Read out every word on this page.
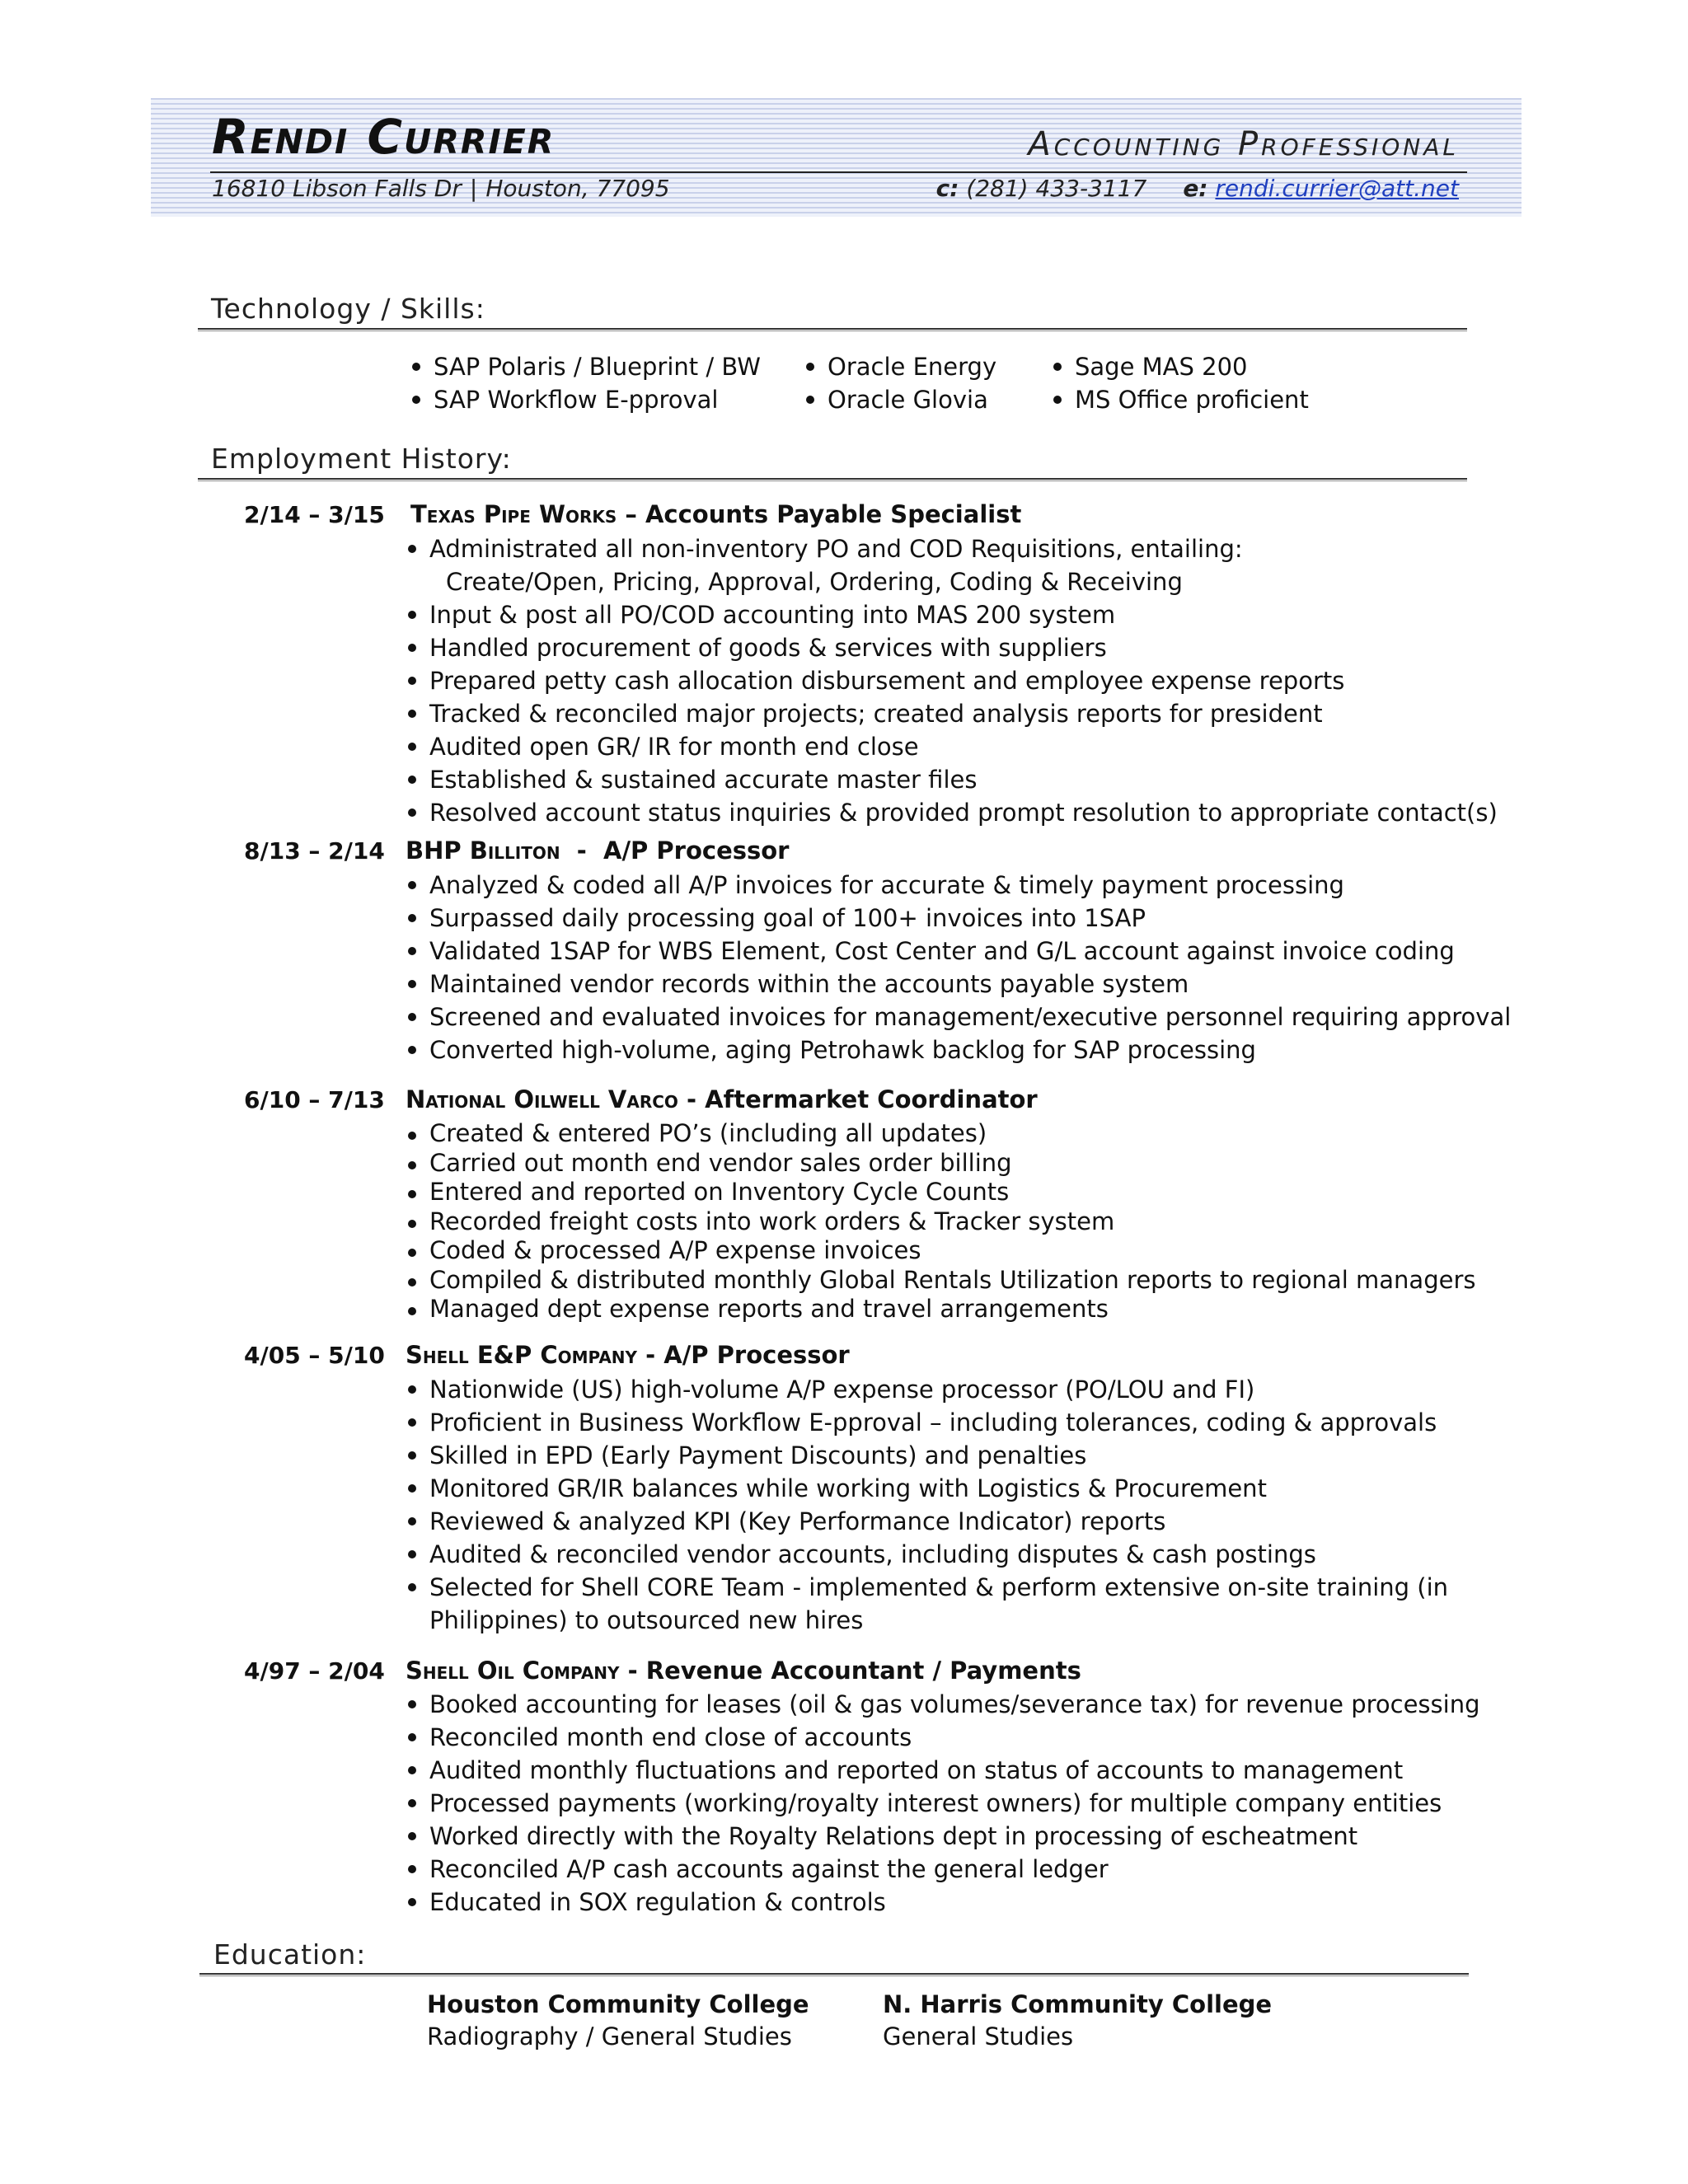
Rendi Currier	Accounting Professional
16810 Libson Falls Dr | Houston, 77095	c: (281) 433-3117 e: rendi.currier@att.net
Technology / Skills:
SAP Polaris / Blueprint / BW
SAP Workflow E-pproval
Oracle Energy
Oracle Glovia
Sage MAS 200
MS Office proficient
Employment History:
2/14 – 3/15 Texas Pipe Works – Accounts Payable Specialist
Administrated all non-inventory PO and COD Requisitions, entailing:
Create/Open, Pricing, Approval, Ordering, Coding & Receiving
Input & post all PO/COD accounting into MAS 200 system
Handled procurement of goods & services with suppliers
Prepared petty cash allocation disbursement and employee expense reports
Tracked & reconciled major projects; created analysis reports for president
Audited open GR/ IR for month end close
Established & sustained accurate master files
Resolved account status inquiries & provided prompt resolution to appropriate contact(s)
8/13 – 2/14 BHP Billiton  -  A/P Processor
Analyzed & coded all A/P invoices for accurate & timely payment processing
Surpassed daily processing goal of 100+ invoices into 1SAP
Validated 1SAP for WBS Element, Cost Center and G/L account against invoice coding
Maintained vendor records within the accounts payable system
Screened and evaluated invoices for management/executive personnel requiring approval
Converted high-volume, aging Petrohawk backlog for SAP processing
6/10 – 7/13 National Oilwell Varco - Aftermarket Coordinator
Created & entered PO’s (including all updates)
Carried out month end vendor sales order billing
Entered and reported on Inventory Cycle Counts
Recorded freight costs into work orders & Tracker system
Coded & processed A/P expense invoices
Compiled & distributed monthly Global Rentals Utilization reports to regional managers
Managed dept expense reports and travel arrangements
4/05 – 5/10 Shell E&P Company - A/P Processor
Nationwide (US) high-volume A/P expense processor (PO/LOU and FI)
Proficient in Business Workflow E-pproval – including tolerances, coding & approvals
Skilled in EPD (Early Payment Discounts) and penalties
Monitored GR/IR balances while working with Logistics & Procurement
Reviewed & analyzed KPI (Key Performance Indicator) reports
Audited & reconciled vendor accounts, including disputes & cash postings
Selected for Shell CORE Team - implemented & perform extensive on-site training (in
Philippines) to outsourced new hires
4/97 – 2/04 Shell Oil Company - Revenue Accountant / Payments
Booked accounting for leases (oil & gas volumes/severance tax) for revenue processing
Reconciled month end close of accounts
Audited monthly fluctuations and reported on status of accounts to management
Processed payments (working/royalty interest owners) for multiple company entities
Worked directly with the Royalty Relations dept in processing of escheatment
Reconciled A/P cash accounts against the general ledger
Educated in SOX regulation & controls
Education:
Houston Community College
Radiography / General Studies
N. Harris Community College
General Studies
